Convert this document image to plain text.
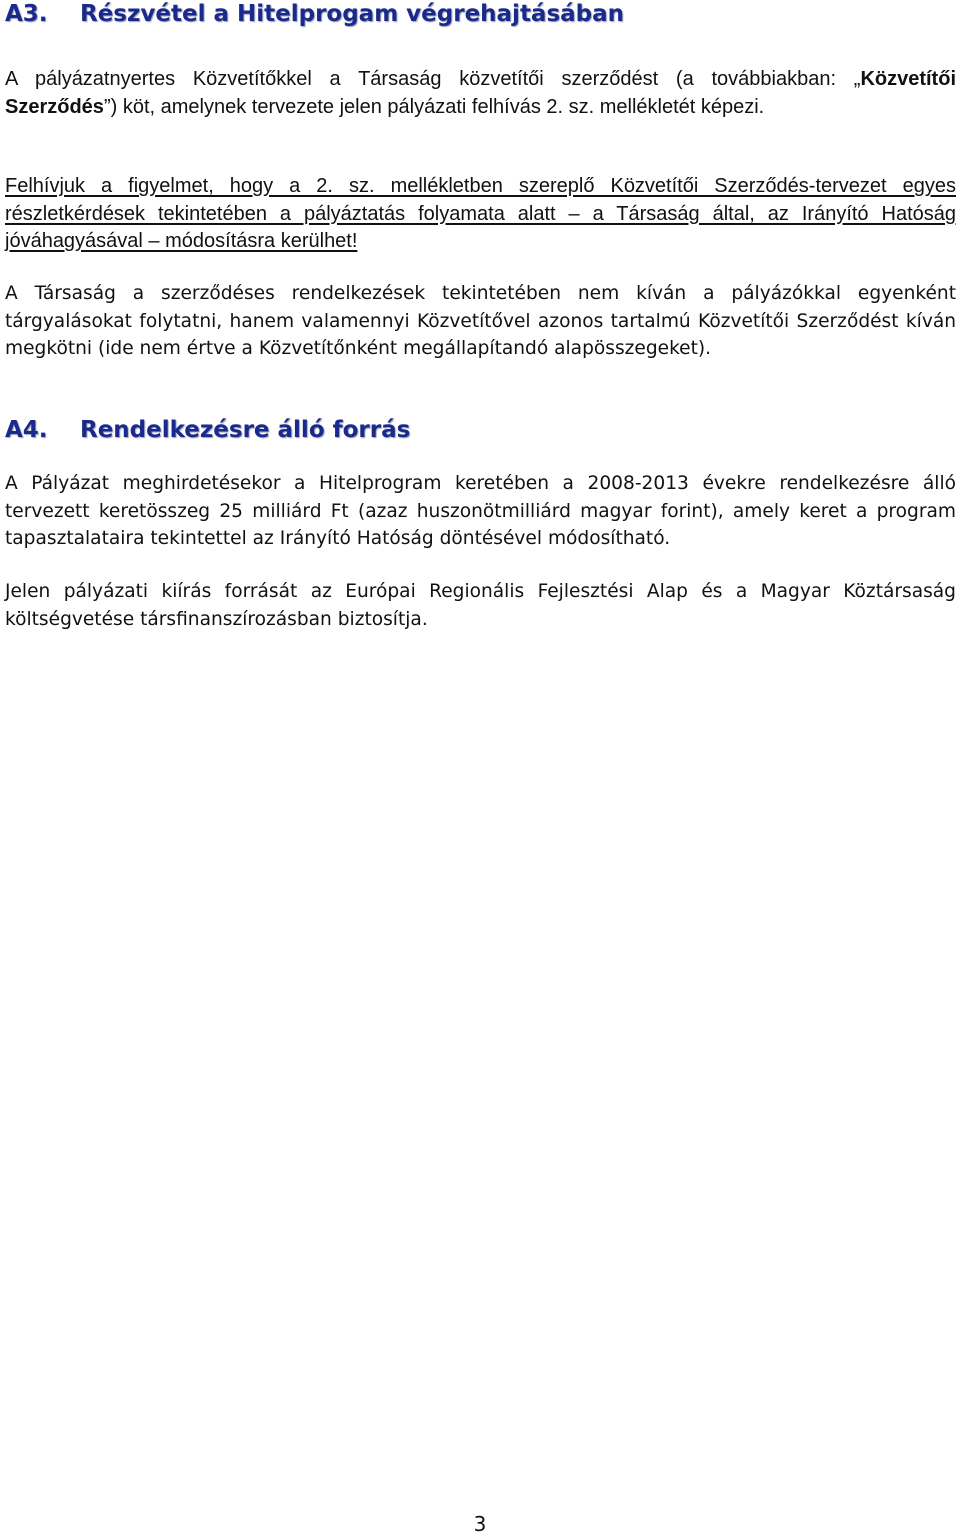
A3. Részvétel a Hitelprogam végrehajtásában

A pályázatnyertes Közvetítőkkel a Társaság közvetítői szerződést (a továbbiakban: „Közvetítői Szerződés”) köt, amelynek tervezete jelen pályázati felhívás 2. sz. mellékletét képezi.

Felhívjuk a figyelmet, hogy a 2. sz. mellékletben szereplő Közvetítői Szerződés-tervezet egyes részletkérdések tekintetében a pályáztatás folyamata alatt – a Társaság által, az Irányító Hatóság jóváhagyásával – módosításra kerülhet!

A Társaság a szerződéses rendelkezések tekintetében nem kíván a pályázókkal egyenként tárgyalásokat folytatni, hanem valamennyi Közvetítővel azonos tartalmú Közvetítői Szerződést kíván megkötni (ide nem értve a Közvetítőnként megállapítandó alapösszegeket).

A4. Rendelkezésre álló forrás

A Pályázat meghirdetésekor a Hitelprogram keretében a 2008-2013 évekre rendelkezésre álló tervezett keretösszeg 25 milliárd Ft (azaz huszonötmilliárd magyar forint), amely keret a program tapasztalataira tekintettel az Irányító Hatóság döntésével módosítható.

Jelen pályázati kiírás forrását az Európai Regionális Fejlesztési Alap és a Magyar Köztársaság költségvetése társfinanszírozásban biztosítja.

3
